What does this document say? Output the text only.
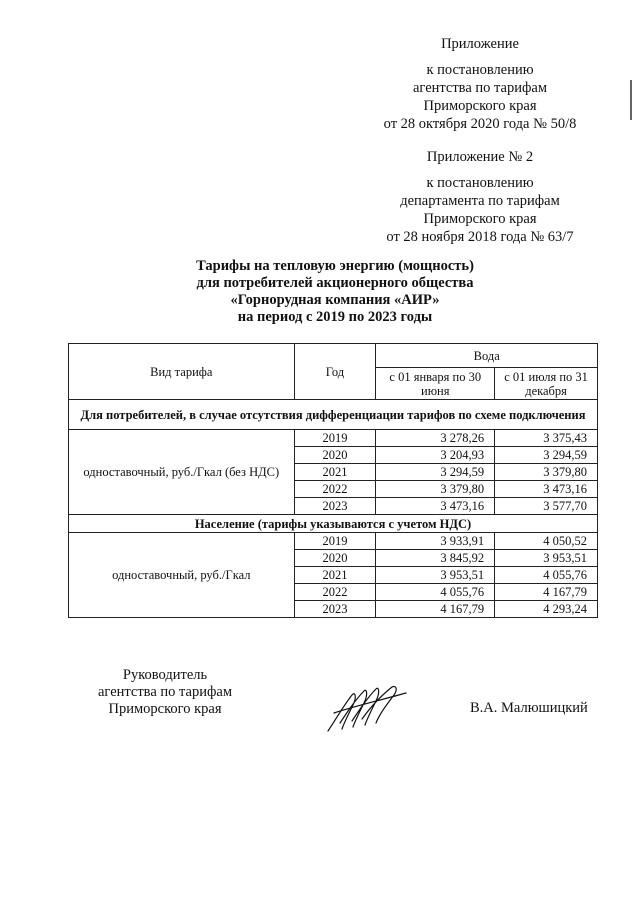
Приложение
к постановлению
агентства по тарифам
Приморского края
от 28 октября 2020 года № 50/8
Приложение № 2
к постановлению
департамента по тарифам
Приморского края
от 28 ноября 2018 года № 63/7
Тарифы на тепловую энергию (мощность)
для потребителей акционерного общества
«Горнорудная компания «АИР»
на период с 2019 по 2023 годы
Вид тарифа	Год	Вода	
		с 01 января по 30 июня	с 01 июля по 31 декабря
Для потребителей, в случае отсутствия дифференциации тарифов по схеме подключения			
одноставочный, руб./Гкал (без НДС)	2019	3 278,26	3 375,43
	2020	3 204,93	3 294,59
	2021	3 294,59	3 379,80
	2022	3 379,80	3 473,16
	2023	3 473,16	3 577,70
Население (тарифы указываются с учетом НДС)			
одноставочный, руб./Гкал	2019	3 933,91	4 050,52
	2020	3 845,92	3 953,51
	2021	3 953,51	4 055,76
	2022	4 055,76	4 167,79
	2023	4 167,79	4 293,24
Руководитель
агентства по тарифам
Приморского края	В.А. Малюшицкий
